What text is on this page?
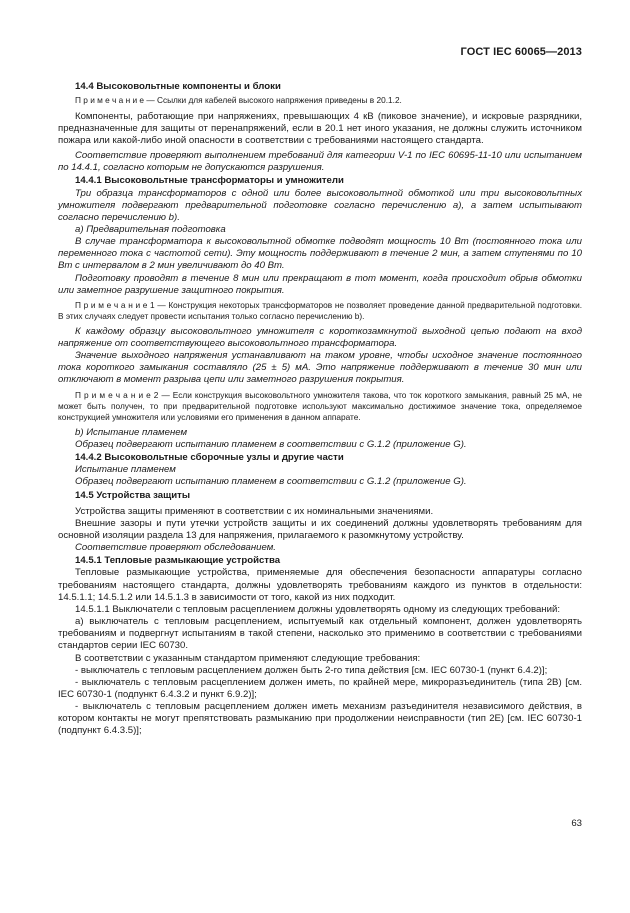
ГОСТ IEC 60065—2013

14.4 Высоковольтные компоненты и блоки

П р и м е ч а н и е — Ссылки для кабелей высокого напряжения приведены в 20.1.2.

Компоненты, работающие при напряжениях, превышающих 4 кВ (пиковое значение), и искровые разрядники, предназначенные для защиты от перенапряжений, если в 20.1 нет иного указания, не должны служить источником пожара или какой-либо иной опасности в соответствии с требованиями настоящего стандарта.

Соответствие проверяют выполнением требований для категории V-1 по IEC 60695-11-10 или испытанием по 14.4.1, согласно которым не допускаются разрушения.

14.4.1 Высоковольтные трансформаторы и умножители

Три образца трансформаторов с одной или более высоковольтной обмоткой или три высоковольтных умножителя подвергают предварительной подготовке согласно перечислению а), а затем испытывают согласно перечислению b).

а) Предварительная подготовка

В случае трансформатора к высоковольтной обмотке подводят мощность 10 Вт (постоянного тока или переменного тока с частотой сети). Эту мощность поддерживают в течение 2 мин, а затем ступенями по 10 Вт с интервалом в 2 мин увеличивают до 40 Вт.

Подготовку проводят в течение 8 мин или прекращают в тот момент, когда происходит обрыв обмотки или заметное разрушение защитного покрытия.

П р и м е ч а н и е 1 — Конструкция некоторых трансформаторов не позволяет проведение данной предварительной подготовки. В этих случаях следует провести испытания только согласно перечислению b).

К каждому образцу высоковольтного умножителя с короткозамкнутой выходной цепью подают на вход напряжение от соответствующего высоковольтного трансформатора.

Значение выходного напряжения устанавливают на таком уровне, чтобы исходное значение постоянного тока короткого замыкания составляло (25 ± 5) мА. Это напряжение поддерживают в течение 30 мин или отключают в момент разрыва цепи или заметного разрушения покрытия.

П р и м е ч а н и е 2 — Если конструкция высоковольтного умножителя такова, что ток короткого замыкания, равный 25 мА, не может быть получен, то при предварительной подготовке используют максимально достижимое значение тока, определяемое конструкцией умножителя или условиями его применения в данном аппарате.

b) Испытание пламенем

Образец подвергают испытанию пламенем в соответствии с G.1.2 (приложение G).

14.4.2 Высоковольтные сборочные узлы и другие части

Испытание пламенем

Образец подвергают испытанию пламенем в соответствии с G.1.2 (приложение G).

14.5 Устройства защиты

Устройства защиты применяют в соответствии с их номинальными значениями.

Внешние зазоры и пути утечки устройств защиты и их соединений должны удовлетворять требованиям для основной изоляции раздела 13 для напряжения, прилагаемого к разомкнутому устройству.

Соответствие проверяют обследованием.

14.5.1 Тепловые размыкающие устройства

Тепловые размыкающие устройства, применяемые для обеспечения безопасности аппаратуры согласно требованиям настоящего стандарта, должны удовлетворять требованиям каждого из пунктов в отдельности: 14.5.1.1; 14.5.1.2 или 14.5.1.3 в зависимости от того, какой из них подходит.

14.5.1.1 Выключатели с тепловым расцеплением должны удовлетворять одному из следующих требований:

а) выключатель с тепловым расцеплением, испытуемый как отдельный компонент, должен удовлетворять требованиям и подвергнут испытаниям в такой степени, насколько это применимо в соответствии с требованиями стандартов серии IEC 60730.

В соответствии с указанным стандартом применяют следующие требования:

- выключатель с тепловым расцеплением должен быть 2-го типа действия [см. IEC 60730-1 (пункт 6.4.2)];

- выключатель с тепловым расцеплением должен иметь, по крайней мере, микроразъединитель (типа 2В) [см. IEC 60730-1 (подпункт 6.4.3.2 и пункт 6.9.2)];

- выключатель с тепловым расцеплением должен иметь механизм разъединителя независимого действия, в котором контакты не могут препятствовать размыканию при продолжении неисправности (тип 2Е) [см. IEC 60730-1 (подпункт 6.4.3.5)];

63
